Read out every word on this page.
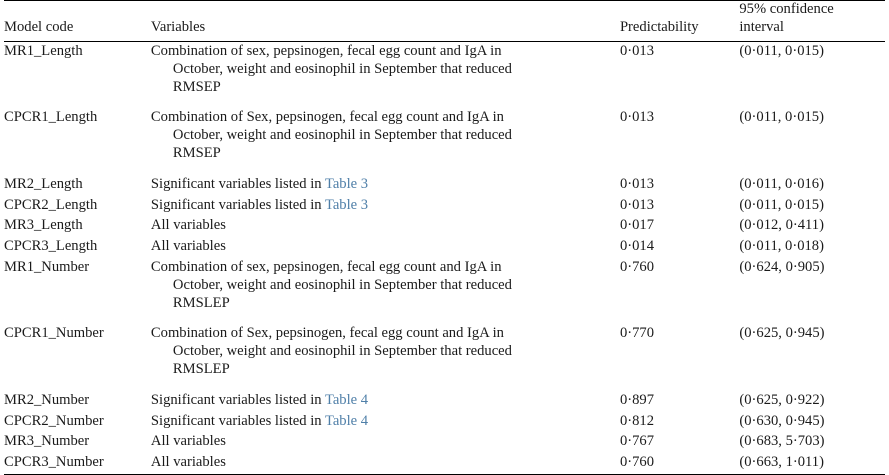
Model code	Variables	Predictability	95% confidence
interval

MR1_Length	Combination of sex, pepsinogen, fecal egg count and IgA in
October, weight and eosinophil in September that reduced
RMSEP	0·013	(0·011, 0·015)

CPCR1_Length	Combination of Sex, pepsinogen, fecal egg count and IgA in
October, weight and eosinophil in September that reduced
RMSEP	0·013	(0·011, 0·015)

MR2_Length	Significant variables listed in Table 3	0·013	(0·011, 0·016)
CPCR2_Length	Significant variables listed in Table 3	0·013	(0·011, 0·015)
MR3_Length	All variables	0·017	(0·012, 0·411)
CPCR3_Length	All variables	0·014	(0·011, 0·018)
MR1_Number	Combination of sex, pepsinogen, fecal egg count and IgA in
October, weight and eosinophil in September that reduced
RMSLEP	0·760	(0·624, 0·905)

CPCR1_Number	Combination of Sex, pepsinogen, fecal egg count and IgA in
October, weight and eosinophil in September that reduced
RMSLEP	0·770	(0·625, 0·945)

MR2_Number	Significant variables listed in Table 4	0·897	(0·625, 0·922)
CPCR2_Number	Significant variables listed in Table 4	0·812	(0·630, 0·945)
MR3_Number	All variables	0·767	(0·683, 5·703)
CPCR3_Number	All variables	0·760	(0·663, 1·011)
